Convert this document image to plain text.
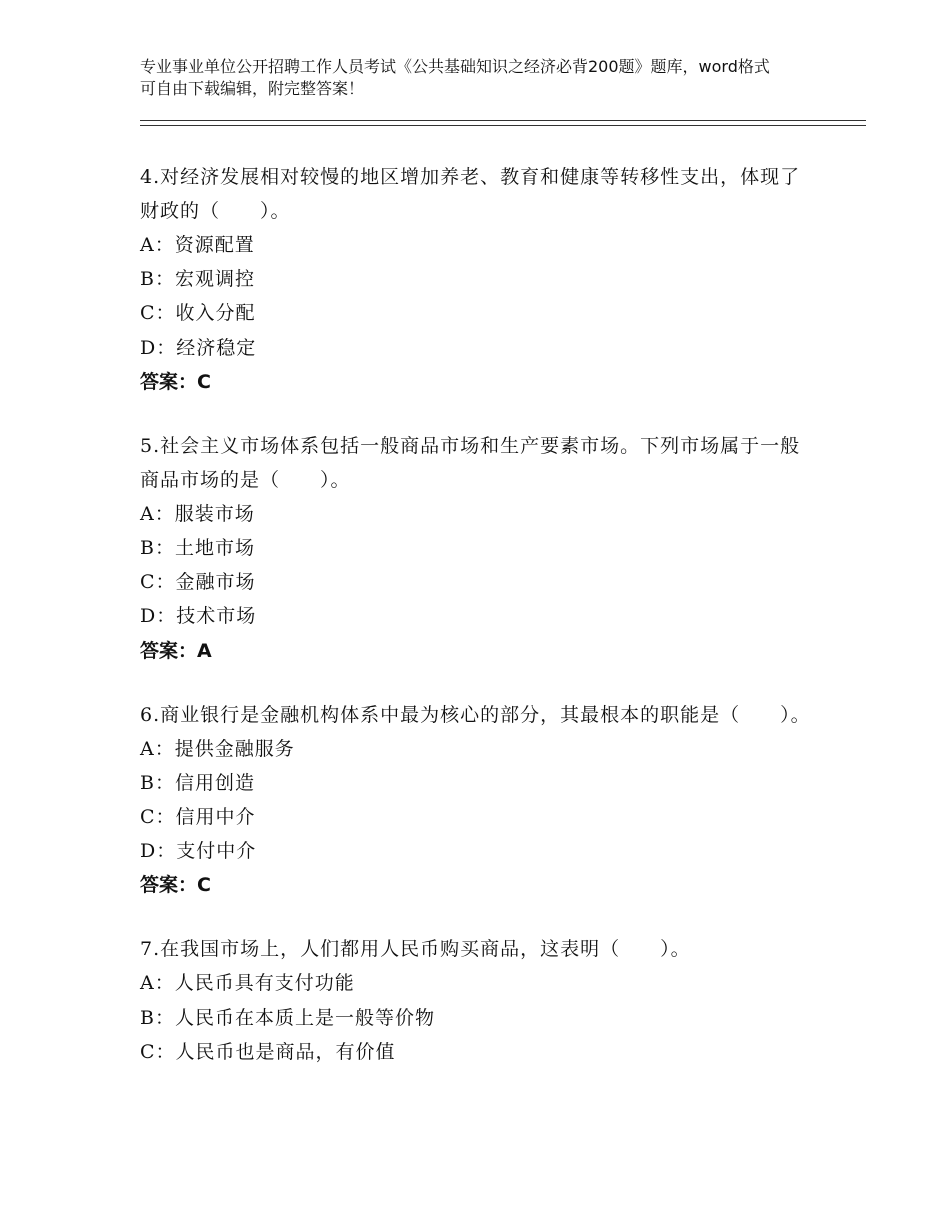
专业事业单位公开招聘工作人员考试《公共基础知识之经济必背200题》题库，word格式可自由下载编辑，附完整答案！
4.对经济发展相对较慢的地区增加养老、教育和健康等转移性支出，体现了财政的（　　）。
A：资源配置
B：宏观调控
C：收入分配
D：经济稳定
答案：C
5.社会主义市场体系包括一般商品市场和生产要素市场。下列市场属于一般商品市场的是（　　）。
A：服装市场
B：土地市场
C：金融市场
D：技术市场
答案：A
6.商业银行是金融机构体系中最为核心的部分，其最根本的职能是（　　）。
A：提供金融服务
B：信用创造
C：信用中介
D：支付中介
答案：C
7.在我国市场上，人们都用人民币购买商品，这表明（　　）。
A：人民币具有支付功能
B：人民币在本质上是一般等价物
C：人民币也是商品，有价值
